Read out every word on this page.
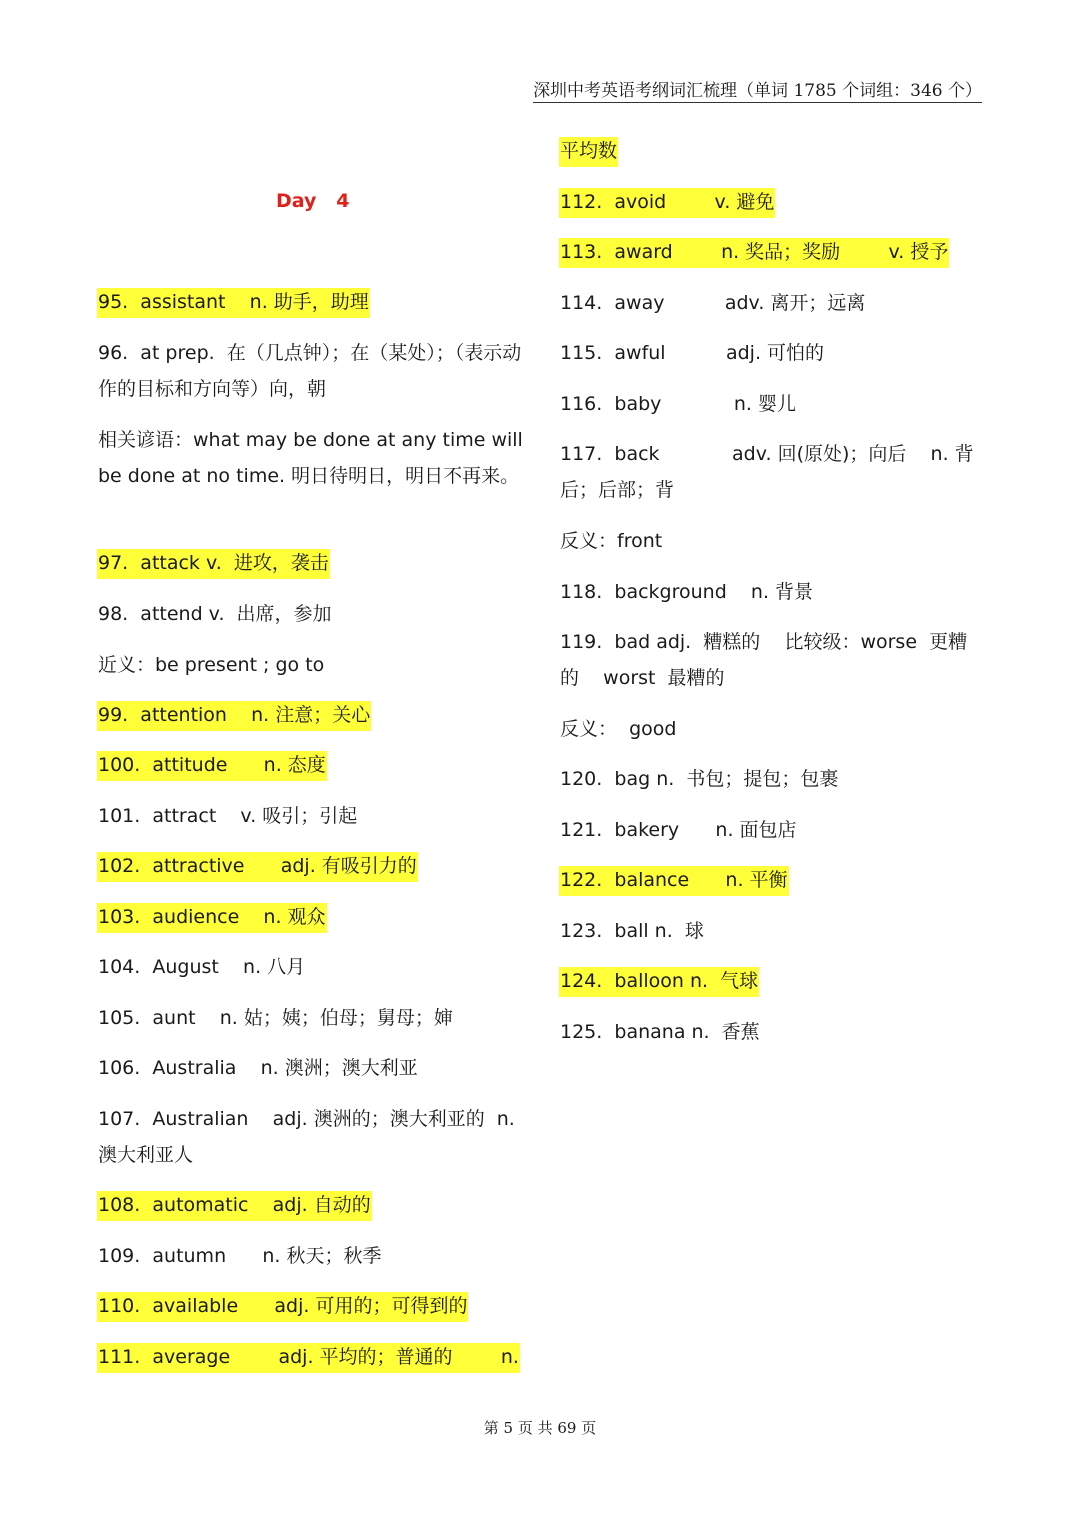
深圳中考英语考纲词汇梳理（单词 1785 个词组：346 个）
Day   4

95.  assistant    n. 助手，助理

96.  at prep.  在（几点钟）；在（某处）；（表示动作的目标和方向等）向，朝

相关谚语：what may be done at any time will be done at no time. 明日待明日，明日不再来。

97.  attack v.  进攻，袭击

98.  attend v.  出席，参加

近义：be present ; go to

99.  attention    n. 注意；关心

100.  attitude      n. 态度

101.  attract    v. 吸引；引起

102.  attractive      adj. 有吸引力的

103.  audience    n. 观众

104.  August    n. 八月

105.  aunt    n. 姑；姨；伯母；舅母；婶

106.  Australia    n. 澳洲；澳大利亚

107.  Australian    adj. 澳洲的；澳大利亚的  n. 澳大利亚人

108.  automatic    adj. 自动的

109.  autumn      n. 秋天；秋季

110.  available      adj. 可用的；可得到的

111.  average        adj. 平均的；普通的        n.

平均数

112.  avoid        v. 避免

113.  award        n. 奖品；奖励        v. 授予

114.  away          adv. 离开；远离

115.  awful          adj. 可怕的

116.  baby            n. 婴儿

117.  back            adv. 回(原处)；向后    n. 背后；后部；背

反义：front

118.  background    n. 背景

119.  bad adj.  糟糕的    比较级：worse  更糟的    worst  最糟的

反义：  good

120.  bag n.  书包；提包；包裹

121.  bakery      n. 面包店

122.  balance      n. 平衡

123.  ball n.  球

124.  balloon n.  气球

125.  banana n.  香蕉

第 5 页 共 69 页
